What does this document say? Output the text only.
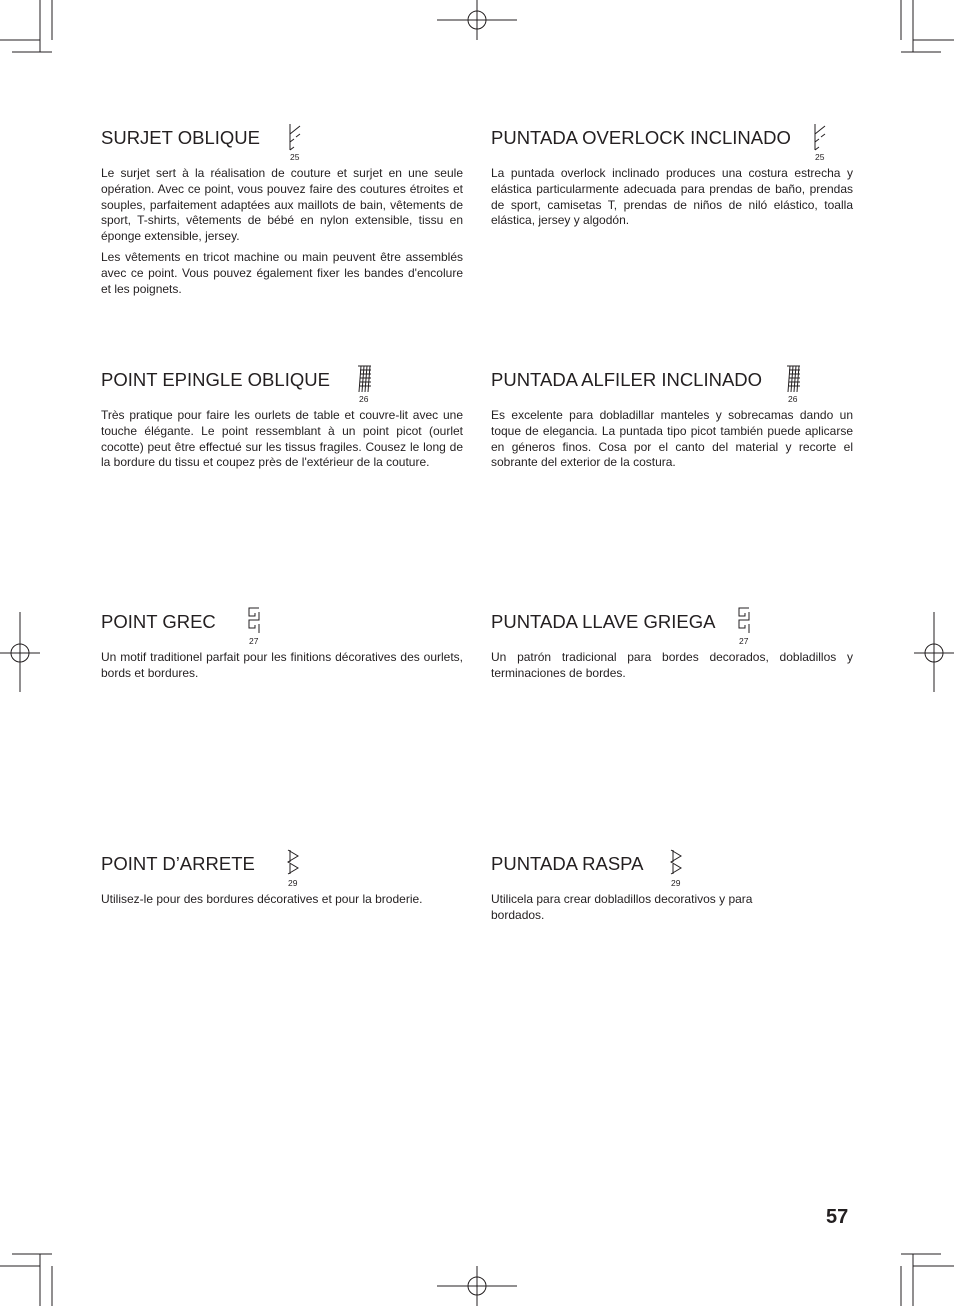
SURJET OBLIQUE
25

Le surjet sert à la réalisation de couture et surjet en une seule opération. Avec ce point, vous pouvez faire des coutures étroites et souples, parfaitement adaptées aux maillots de bain, vêtements de sport, T-shirts, vêtements de bébé en nylon extensible, tissu en éponge extensible, jersey.

Les vêtements en tricot machine ou main peuvent être assemblés avec ce point. Vous pouvez également fixer les bandes d'encolure et les poignets.

PUNTADA OVERLOCK INCLINADO
25

La puntada overlock inclinado produces una costura estrecha y elástica particularmente adecuada para prendas de baño, prendas de sport, camisetas T, prendas de niños de niló elástico, toalla elástica, jersey y algodón.

POINT EPINGLE OBLIQUE
26

Très pratique pour faire les ourlets de table et couvre-lit avec une touche élégante. Le point ressemblant à un point picot (ourlet cocotte) peut être effectué sur les tissus fragiles. Cousez le long de la bordure du tissu et coupez près de l'extérieur de la couture.

PUNTADA ALFILER INCLINADO
26

Es excelente para dobladillar manteles y sobrecamas dando un toque de elegancia. La puntada tipo picot también puede aplicarse en géneros finos. Cosa por el canto del material y recorte el sobrante del exterior de la costura.

POINT GREC
27

Un motif traditionel parfait pour les finitions décoratives des ourlets, bords et bordures.

PUNTADA LLAVE GRIEGA
27

Un patrón tradicional para bordes decorados, dobladillos y terminaciones de bordes.

POINT D’ARRETE
29

Utilisez-le pour des bordures décoratives et pour la broderie.

PUNTADA RASPA
29

Utilicela para crear dobladillos decorativos y para bordados.

57
